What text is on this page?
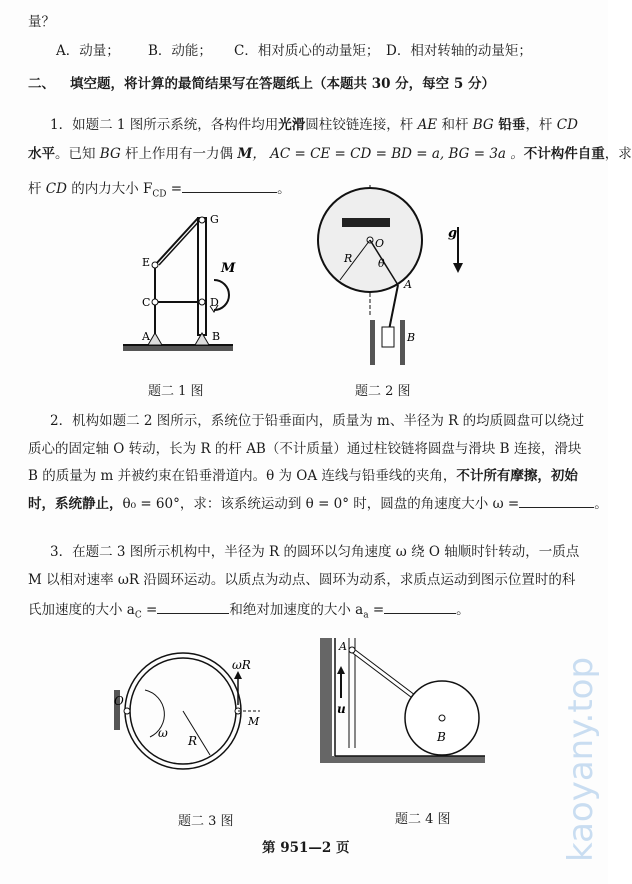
kaoyany.top
量？
A．动量； B．动能； C．相对质心的动量矩； D．相对转轴的动量矩；
二、 填空题，将计算的最简结果写在答题纸上（本题共 30 分，每空 5 分）
1．如题二 1 图所示系统，各构件均用光滑圆柱铰链连接，杆 AE 和杆 BG 铅垂，杆 CD
水平。已知 BG 杆上作用有一力偶 M， AC = CE = CD = BD = a, BG = 3a 。不计构件自重，求
杆 CD 的内力大小 $F_{CD}$ =	。
G
E	M
C	D
A	B
题二 1 图
O
R θ
A
B
g
题二 2 图
2．机构如题二 2 图所示，系统位于铅垂面内，质量为 m、半径为 R 的均质圆盘可以绕过
质心的固定轴 O 转动，长为 R 的杆 AB（不计质量）通过柱铰链将圆盘与滑块 B 连接，滑块
B 的质量为 m 并被约束在铅垂滑道内。θ 为 OA 连线与铅垂线的夹角，不计所有摩擦，初始
时，系统静止，θ₀ = 60°，求：该系统运动到 θ = 0° 时，圆盘的角速度大小 ω =	。
3．在题二 3 图所示机构中，半径为 R 的圆环以匀角速度 ω 绕 O 轴顺时针转动，一质点
M 以相对速率 ωR 沿圆环运动。以质点为动点、圆环为动系，求质点运动到图示位置时的科
氏加速度的大小 $a_C$ =	和绝对加速度的大小 $a_a$ =	。
O
ωR
M
ω
R
题二 3 图
A
u
B
题二 4 图
第 951—2 页
